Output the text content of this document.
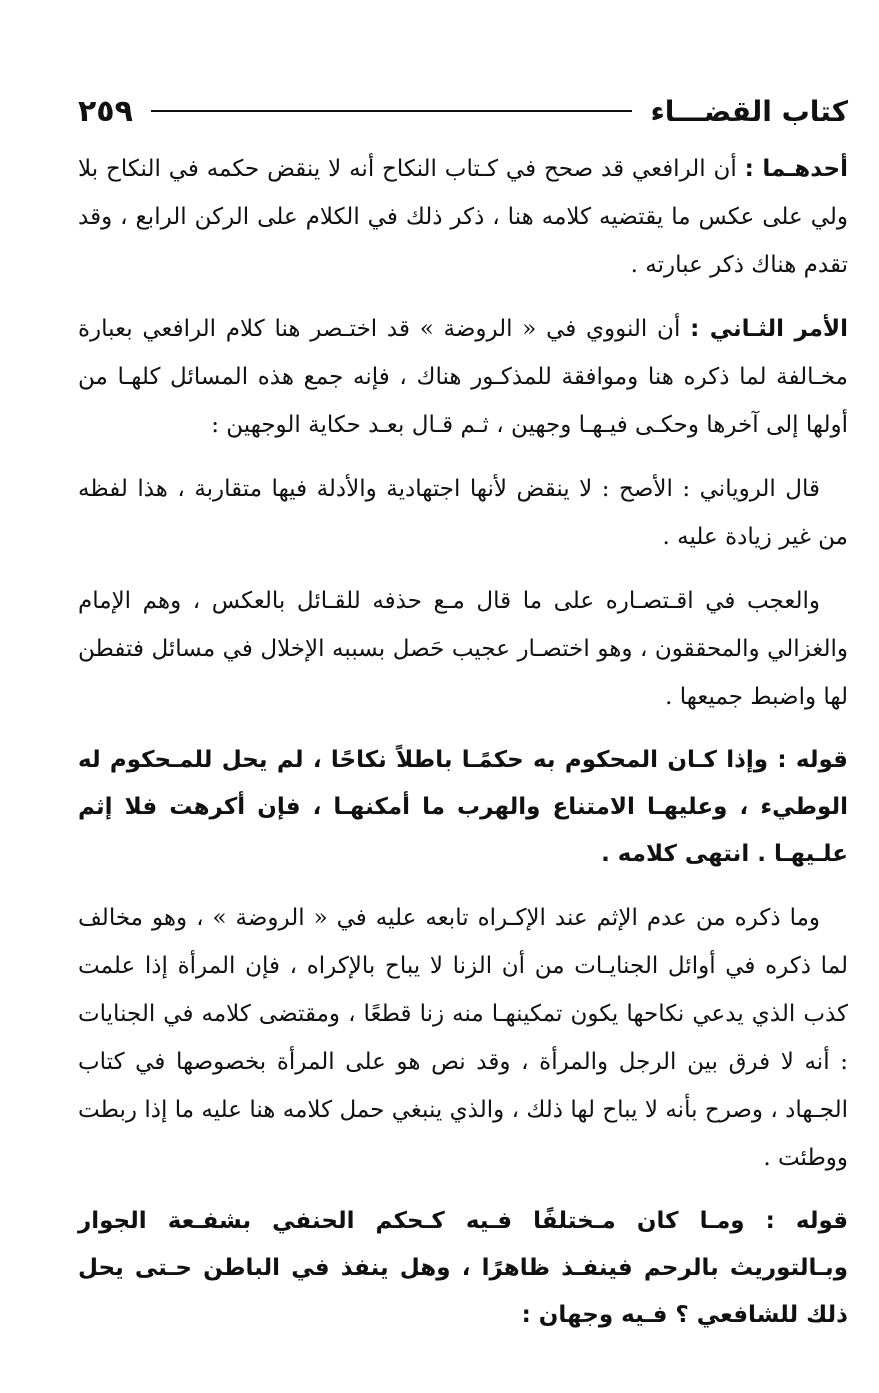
كتاب القضـــاء
٢٥٩

أحدهـما : أن الرافعي قد صحح في كـتاب النكاح أنه لا ينقض حكمه في النكاح بلا ولي على عكس ما يقتضيه كلامه هنا ، ذكر ذلك في الكلام على الركن الرابع ، وقد تقدم هناك ذكر عبارته .

الأمر الثـاني : أن النووي في « الروضة » قد اختـصر هنا كلام الرافعي بعبارة مخـالفة لما ذكره هنا وموافقة للمذكـور هناك ، فإنه جمع هذه المسائل كلهـا من أولها إلى آخرها وحكـى فيـهـا وجهين ، ثـم قـال بعـد حكاية الوجهين :

قال الروياني : الأصح : لا ينقض لأنها اجتهادية والأدلة فيها متقاربة ، هذا لفظه من غير زيادة عليه .

والعجب في اقـتصـاره على ما قال مـع حذفه للقـائل بالعكس ، وهم الإمام والغزالي والمحققون ، وهو اختصـار عجيب حَصل بسببه الإخلال في مسائل فتفطن لها واضبط جميعها .

قوله : وإذا كـان المحكوم به حكمًـا باطلاً نكاحًا ، لم يحل للمـحكوم له الوطيء ، وعليهـا الامتناع والهرب ما أمكنهـا ، فإن أكرهت فلا إثم علـيهـا . انتهى كلامه .

وما ذكره من عدم الإثم عند الإكـراه تابعه عليه في « الروضة » ، وهو مخالف لما ذكره في أوائل الجنايـات من أن الزنا لا يباح بالإكراه ، فإن المرأة إذا علمت كذب الذي يدعي نكاحها يكون تمكينهـا منه زنا قطعًا ، ومقتضى كلامه في الجنايات : أنه لا فرق بين الرجل والمرأة ، وقد نص هو على المرأة بخصوصها في كتاب الجـهاد ، وصرح بأنه لا يباح لها ذلك ، والذي ينبغي حمل كلامه هنا عليه ما إذا ربطت ووطئت .

قوله : ومـا كان مـختلفًا فـيه كـحكم الحنفي بشفـعة الجوار وبـالتوريث بالرحم فينفـذ ظاهرًا ، وهل ينفذ في الباطن حـتى يحل ذلك للشافعي ؟ فـيه وجهان :
